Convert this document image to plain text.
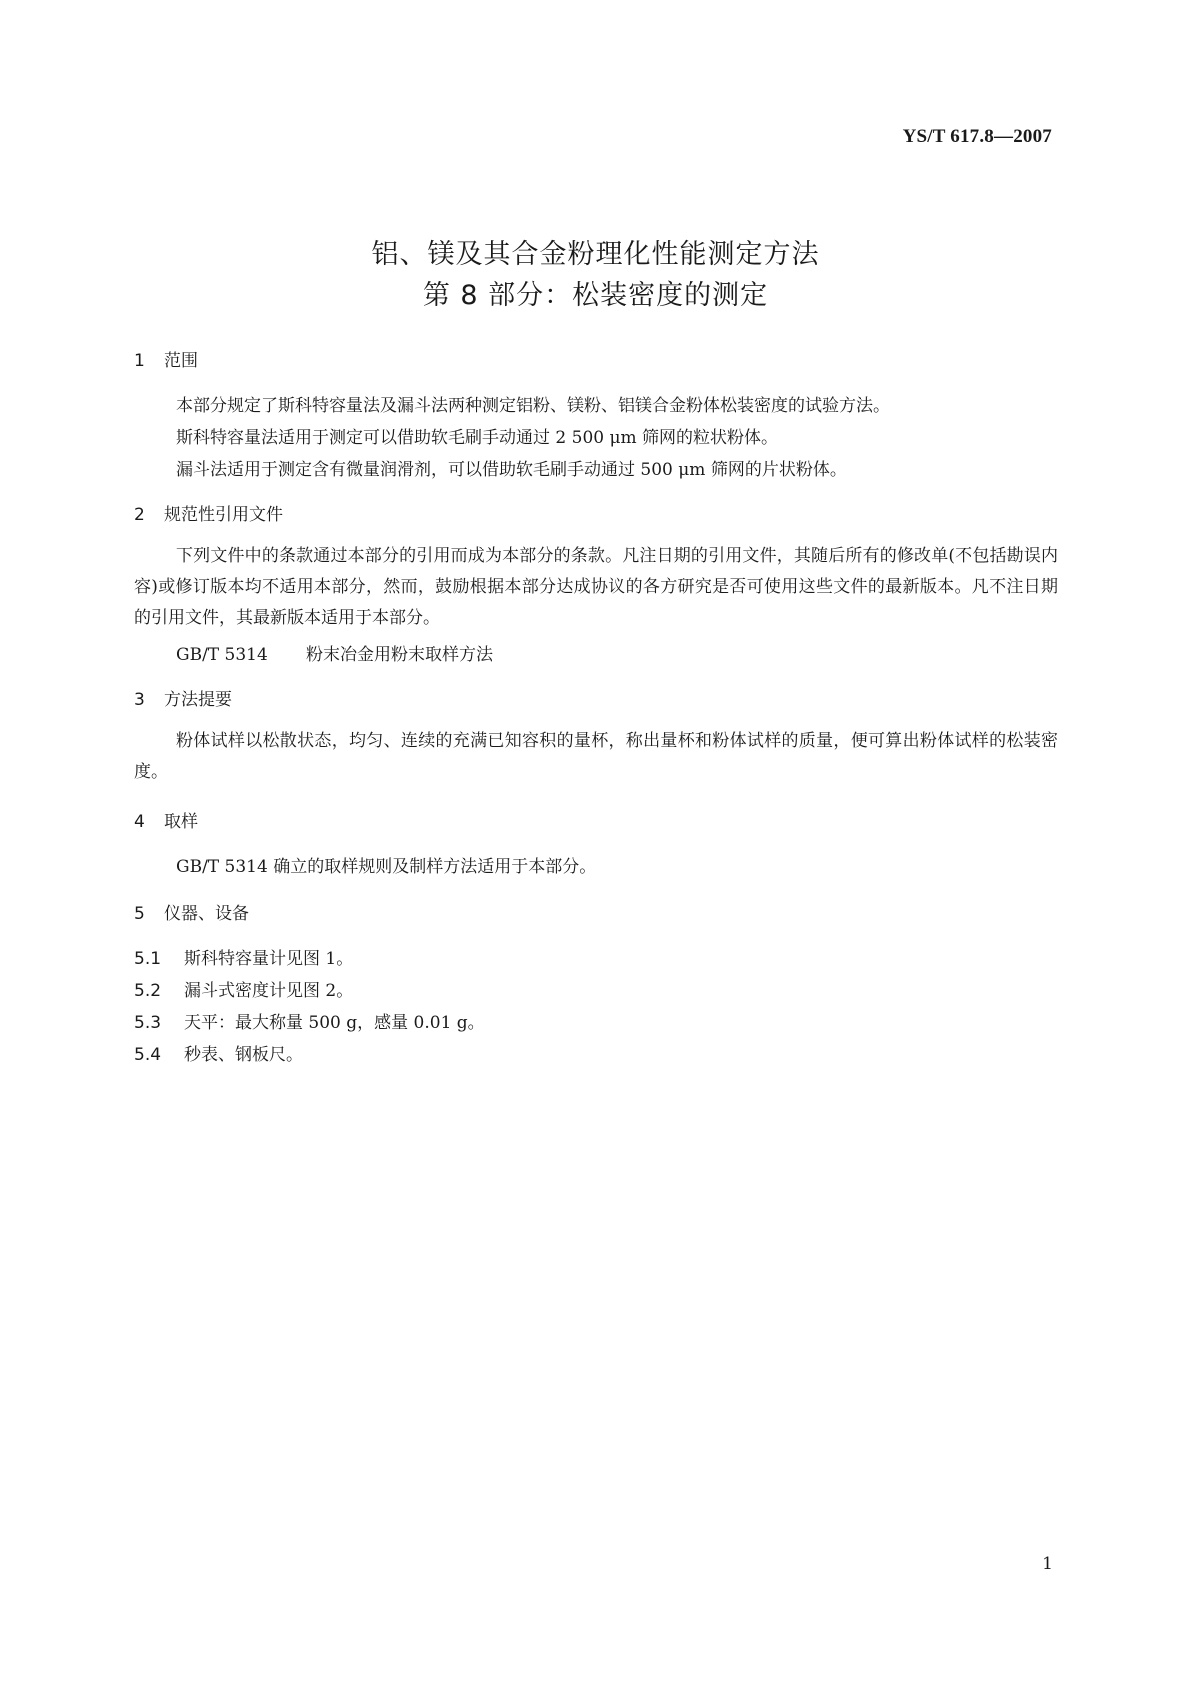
YS/T 617.8—2007
铝、镁及其合金粉理化性能测定方法
第 8 部分：松装密度的测定
1 范围
本部分规定了斯科特容量法及漏斗法两种测定铝粉、镁粉、铝镁合金粉体松装密度的试验方法。
斯科特容量法适用于测定可以借助软毛刷手动通过 2 500 μm 筛网的粒状粉体。
漏斗法适用于测定含有微量润滑剂，可以借助软毛刷手动通过 500 μm 筛网的片状粉体。
2 规范性引用文件
下列文件中的条款通过本部分的引用而成为本部分的条款。凡注日期的引用文件，其随后所有的修改单(不包括勘误内容)或修订版本均不适用本部分，然而，鼓励根据本部分达成协议的各方研究是否可使用这些文件的最新版本。凡不注日期的引用文件，其最新版本适用于本部分。
GB/T 5314 粉末冶金用粉末取样方法
3 方法提要
粉体试样以松散状态，均匀、连续的充满已知容积的量杯，称出量杯和粉体试样的质量，便可算出粉体试样的松装密度。
4 取样
GB/T 5314 确立的取样规则及制样方法适用于本部分。
5 仪器、设备
5.1 斯科特容量计见图 1。
5.2 漏斗式密度计见图 2。
5.3 天平：最大称量 500 g，感量 0.01 g。
5.4 秒表、钢板尺。
1
